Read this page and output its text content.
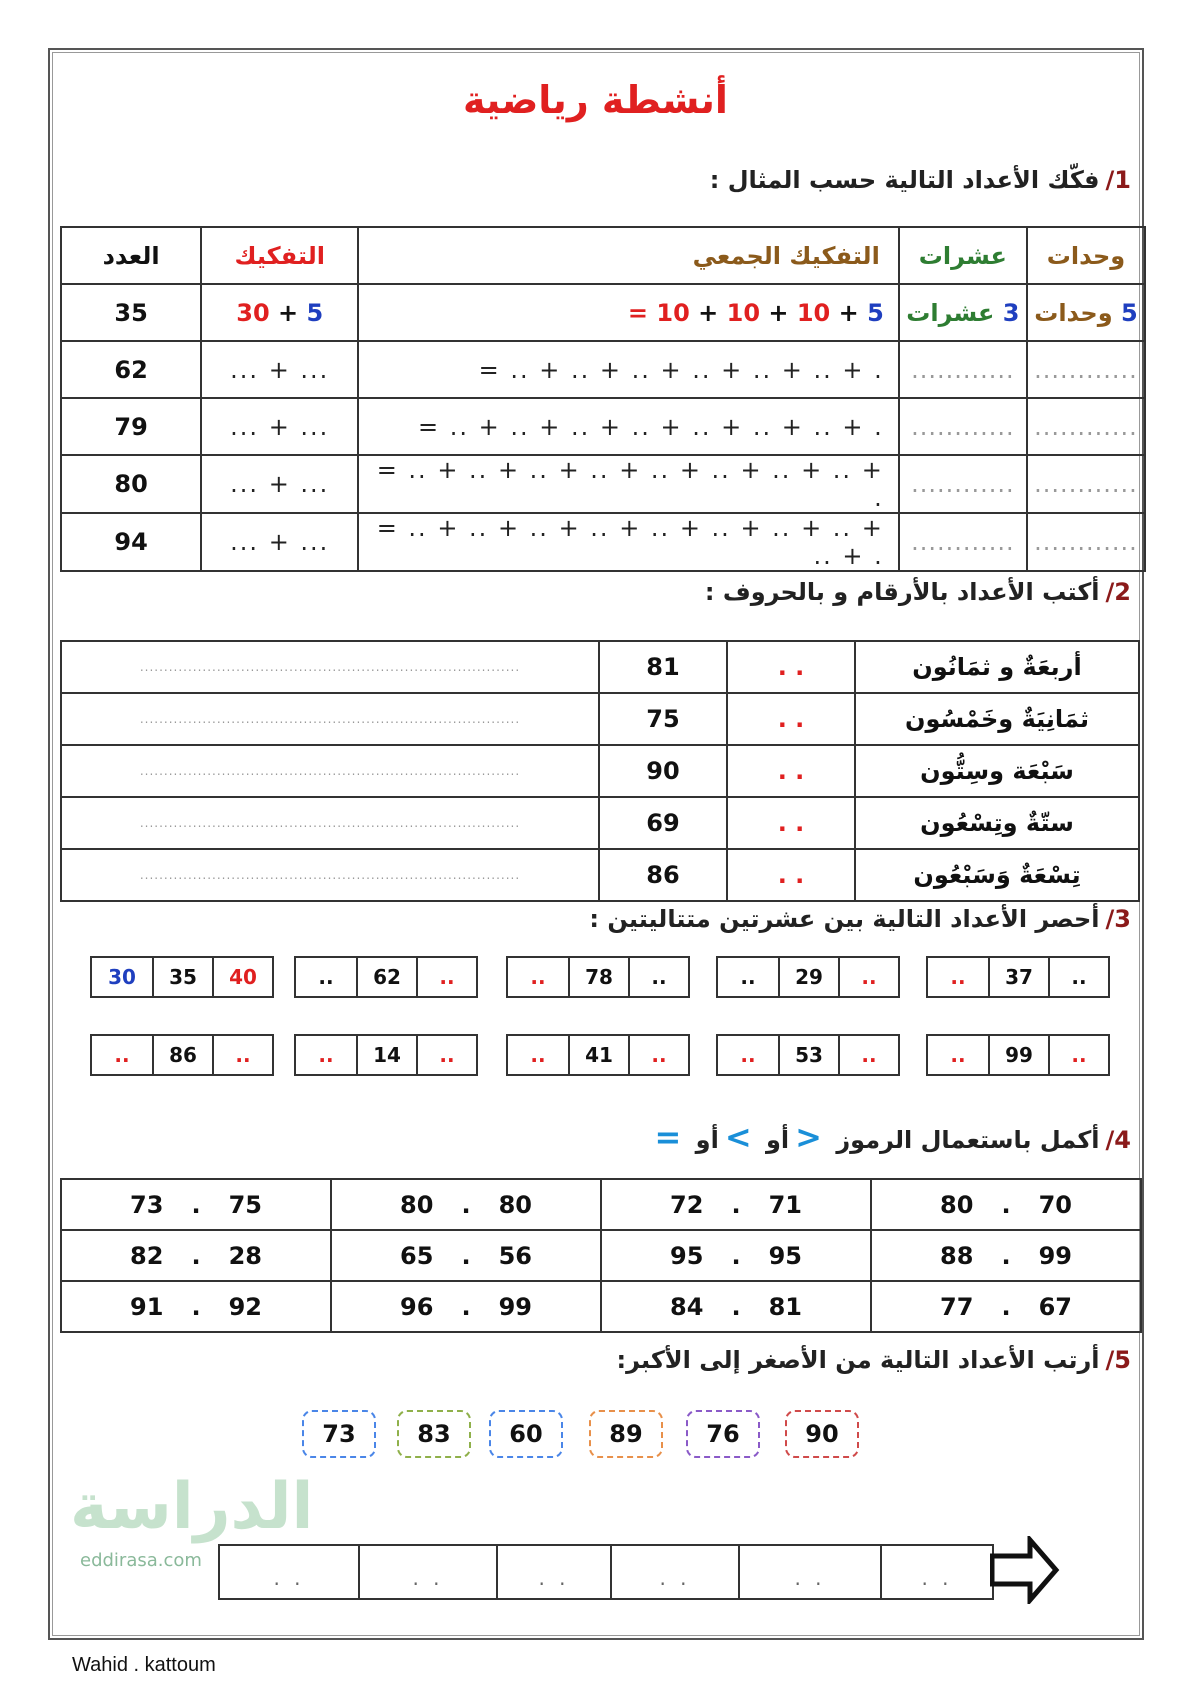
أنشطة رياضية
1/فكّك الأعداد التالية حسب المثال :
وحدات	عشرات	التفكيك الجمعي	التفكيك	العدد
5 وحدات	3 عشرات	= 10 + 10 + 10 + 5	30 + 5	35
............	............	= .. + .. + .. + .. + .. + .. + .	... + ...	62
............	............	= .. + .. + .. + .. + .. + .. + .. + .	... + ...	79
............	............	= .. + .. + .. + .. + .. + .. + .. + .. + .	... + ...	80
............	............	= .. + .. + .. + .. + .. + .. + .. + .. + .. + .	... + ...	94
2/أكتب الأعداد بالأرقام و بالحروف :
أربعَةٌ و ثمَانُون	. .	81	...............................................................................
ثمَانِيَةٌ وخَمْسُون	. .	75	...............................................................................
سَبْعَة وسِتُّون	. .	90	...............................................................................
ستّةٌ وتِسْعُون	. .	69	...............................................................................
تِسْعَةٌ وَسَبْعُون	. .	86	...............................................................................
3/أحصر الأعداد التالية بين عشرتين متتاليتين :
30	35	40	..	62	..	..	78	..	..	29	..	..	37	..
..	86	..	..	14	..	..	41	..	..	53	..	..	99	..
4/أكمل باستعمال الرموز <أو >أو =
73 . 75	80 . 80	72 . 71	80 . 70

82 . 28	65 . 56	95 . 95	88 . 99

91 . 92	96 . 99	84 . 81	77 . 67
5/أرتب الأعداد التالية من الأصغر إلى الأكبر:
73	83	60	89	76	90
الدراسة
eddirasa.com
. .	. .	. .	. .	. .	. .
Wahid . kattoum
